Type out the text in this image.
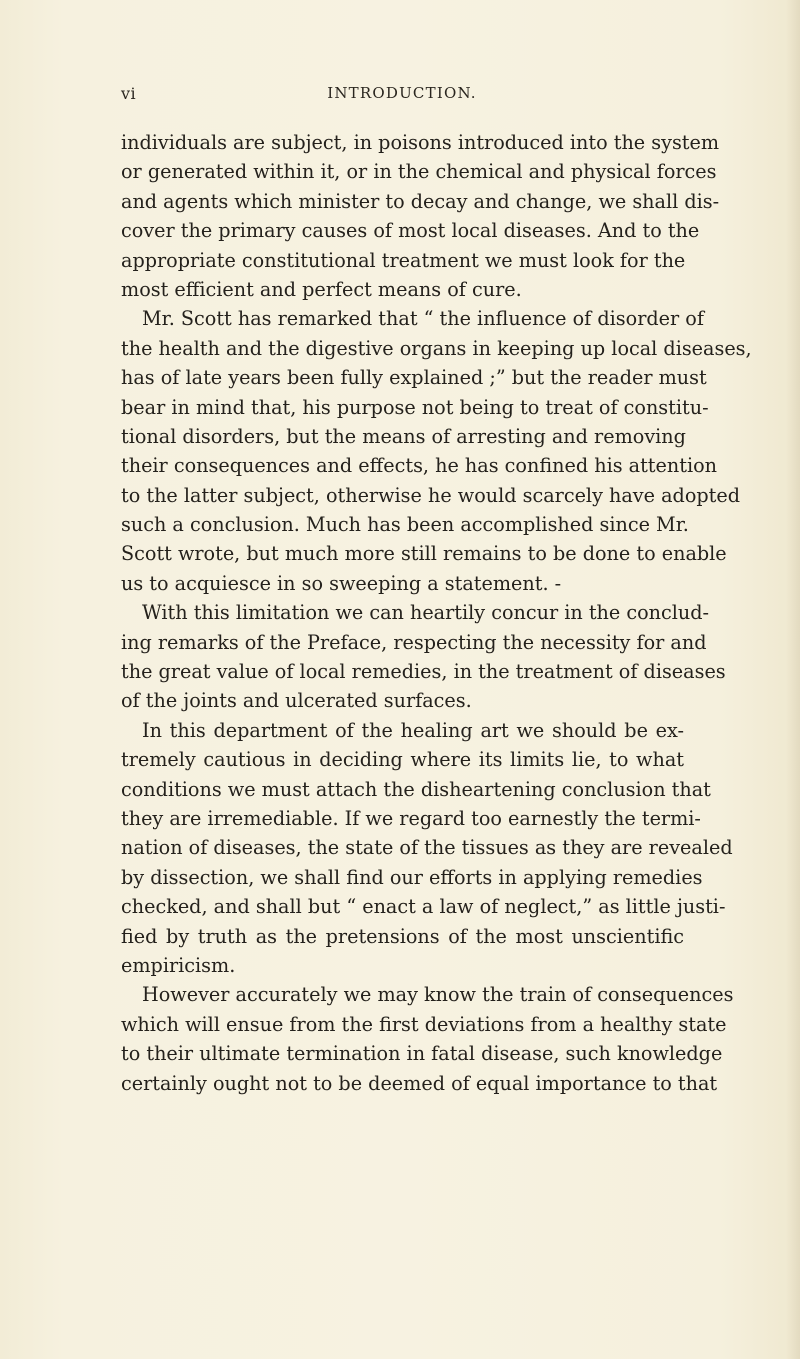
vi	INTRODUCTION.
individuals are subject, in poisons introduced into the system
or generated within it, or in the chemical and physical forces
and agents which minister to decay and change, we shall dis-
cover the primary causes of most local diseases. And to the
appropriate constitutional treatment we must look for the
most efficient and perfect means of cure.
Mr. Scott has remarked that “ the influence of disorder of
the health and the digestive organs in keeping up local diseases,
has of late years been fully explained ;” but the reader must
bear in mind that, his purpose not being to treat of constitu-
tional disorders, but the means of arresting and removing
their consequences and effects, he has confined his attention
to the latter subject, otherwise he would scarcely have adopted
such a conclusion. Much has been accomplished since Mr.
Scott wrote, but much more still remains to be done to enable
us to acquiesce in so sweeping a statement. -
With this limitation we can heartily concur in the conclud-
ing remarks of the Preface, respecting the necessity for and
the great value of local remedies, in the treatment of diseases
of the joints and ulcerated surfaces.
In this department of the healing art we should be ex-
tremely cautious in deciding where its limits lie, to what
conditions we must attach the disheartening conclusion that
they are irremediable. If we regard too earnestly the termi-
nation of diseases, the state of the tissues as they are revealed
by dissection, we shall find our efforts in applying remedies
checked, and shall but “ enact a law of neglect,” as little justi-
fied by truth as the pretensions of the most unscientific
empiricism.
However accurately we may know the train of consequences
which will ensue from the first deviations from a healthy state
to their ultimate termination in fatal disease, such knowledge
certainly ought not to be deemed of equal importance to that
